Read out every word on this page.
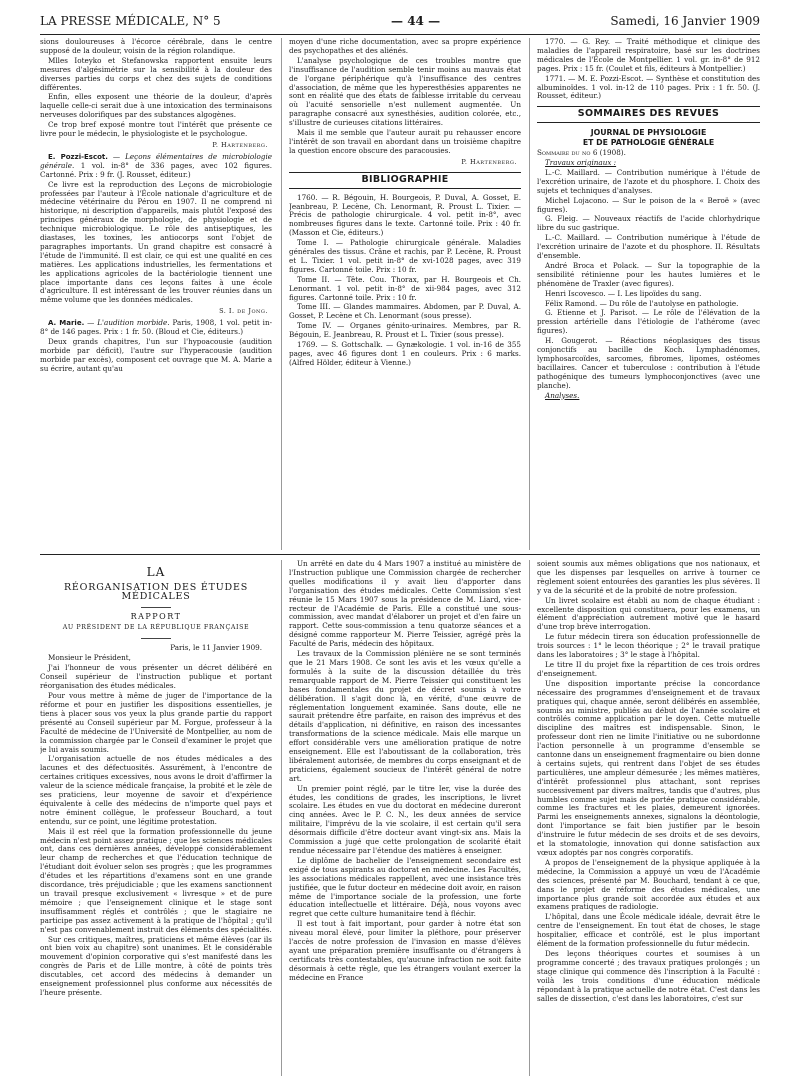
LA PRESSE MÉDICALE, N° 5	— 44 —	Samedi, 16 Janvier 1909

sions douloureuses à l'écorce cérébrale, dans le centre supposé de la douleur, voisin de la région rolandique.

Mlles Ioteyko et Stefanowska rapportent ensuite leurs mesures d'algésimétrie sur la sensibilité à la douleur des diverses parties du corps et chez des sujets de conditions différentes.

Enfin, elles exposent une théorie de la douleur, d'après laquelle celle-ci serait due à une intoxication des terminaisons nerveuses dolorifiques par des substances algogènes.

Ce trop bref exposé montre tout l'intérêt que présente ce livre pour le médecin, le physiologiste et le psychologue.

P. Hartenberg.

E. Pozzi-Escot. — Leçons élémentaires de microbiologie générale. 1 vol. in-8° de 336 pages, avec 102 figures. Cartonné. Prix : 9 fr. (J. Rousset, éditeur.)

Ce livre est la reproduction des Leçons de microbiologie professées par l'auteur à l'École nationale d'agriculture et de médecine vétérinaire du Pérou en 1907. Il ne comprend ni historique, ni description d'appareils, mais plutôt l'exposé des principes généraux de morphologie, de physiologie et de technique microbiologique. Le rôle des antiseptiques, les diastases, les toxines, les antiocorps sont l'objet de paragraphes importants. Un grand chapitre est consacré à l'étude de l'immunité. Il est clair, ce qui est une qualité en ces matières. Les applications industrielles, les fermentations et les applications agricoles de la bactériologie tiennent une place importante dans ces leçons faites à une école d'agriculture. Il est intéressant de les trouver réunies dans un même volume que les données médicales.

S. I. de Jong.

A. Marie. — L'audition morbide. Paris, 1908, 1 vol. petit in-8° de 146 pages. Prix : 1 fr. 50. (Bloud et Cie, éditeurs.)

Deux grands chapitres, l'un sur l'hypoacousie (audition morbide par déficit), l'autre sur l'hyperacousie (audition morbide par excès), composent cet ouvrage que M. A. Marie a su écrire, autant qu'au

moyen d'une riche documentation, avec sa propre expérience des psychopathes et des aliénés.

L'analyse psychologique de ces troubles montre que l'insuffisance de l'audition semble tenir moins au mauvais état de l'organe périphérique qu'à l'insuffisance des centres d'association, de même que les hyperesthésies apparentes ne sont en réalité que des états de faiblesse irritable du cerveau où l'acuité sensorielle n'est nullement augmentée. Un paragraphe consacré aux synesthésies, audition colorée, etc., s'illustre de curieuses citations littéraires.

Mais il me semble que l'auteur aurait pu rehausser encore l'intérêt de son travail en abordant dans un troisième chapitre la question encore obscure des paracousies.

P. Hartenberg.
BIBLIOGRAPHIE

1760. — R. Bégouin, H. Bourgeois, P. Duval, A. Gosset, E. Jeanbreau, P. Lecène, Ch. Lenormant, R. Proust L. Tixier. — Précis de pathologie chirurgicale. 4 vol. petit in-8°, avec nombreuses figures dans le texte. Cartonné toile. Prix : 40 fr. (Masson et Cie, éditeurs.)

Tome I. — Pathologie chirurgicale générale. Maladies générales des tissus. Crâne et rachis, par P. Lecène, R. Proust et L. Tixier. 1 vol. petit in-8° de xvi-1028 pages, avec 319 figures. Cartonné toile. Prix : 10 fr.

Tome II. — Tête. Cou. Thorax, par H. Bourgeois et Ch. Lenormant. 1 vol. petit in-8° de xii-984 pages, avec 312 figures. Cartonné toile. Prix : 10 fr.

Tome III. — Glandes mammaires. Abdomen, par P. Duval, A. Gosset, P. Lecène et Ch. Lenormant (sous presse).

Tome IV. — Organes génito-urinaires. Membres, par R. Bégouin, E. Jeanbreau, R. Proust et L. Tixier (sous presse).

1769. — S. Gottschalk. — Gynækologie. 1 vol. in-16 de 355 pages, avec 46 figures dont 1 en couleurs. Prix : 6 marks. (Alfred Hölder, éditeur à Vienne.)

1770. — G. Rey. — Traité méthodique et clinique des maladies de l'appareil respiratoire, basé sur les doctrines médicales de l'École de Montpellier. 1 vol. gr. in-8° de 912 pages. Prix : 15 fr. (Coulet et fils, éditeurs à Montpellier.)

1771. — M. E. Pozzi-Escot. — Synthèse et constitution des albuminoïdes. 1 vol. in-12 de 110 pages. Prix : 1 fr. 50. (J. Rousset, éditeur.)

SOMMAIRES DES REVUES
JOURNAL DE PHYSIOLOGIE
ET DE PATHOLOGIE GÉNÉRALE

Sommaire du no 6 (1908).

Travaux originaux :

L.-C. Maillard. — Contribution numérique à l'étude de l'excrétion urinaire, de l'azote et du phosphore. I. Choix des sujets et techniques d'analyses.

Michel Lojacono. — Sur le poison de la « Beroë » (avec figures).

G. Fleig. — Nouveaux réactifs de l'acide chlorhydrique libre du suc gastrique.

L.-C. Maillard. — Contribution numérique à l'étude de l'excrétion urinaire de l'azote et du phosphore. II. Résultats d'ensemble.

André Broca et Polack. — Sur la topographie de la sensibilité rétinienne pour les hautes lumières et le phénomène de Traxler (avec figures).

Henri Iscovesco. — I. Les lipoïdes du sang.

Félix Ramond. — Du rôle de l'autolyse en pathologie.

G. Etienne et J. Parisot. — Le rôle de l'élévation de la pression artérielle dans l'étiologie de l'athérome (avec figures).

H. Gougerot. — Réactions néoplasiques des tissus conjonctifs au bacille de Koch. Lymphadénomes, lymphosarcoïdes, sarcomes, fibromes, lipomes, ostéomes bacillaires. Cancer et tuberculose : contribution à l'étude pathogénique des tumeurs lymphoconjonctives (avec une planche).

Analyses.

LA
RÉORGANISATION DES ÉTUDES MÉDICALES
RAPPORT
AU PRÉSIDENT DE LA RÉPUBLIQUE FRANÇAISE
Paris, le 11 Janvier 1909.

Monsieur le Président,

J'ai l'honneur de vous présenter un décret délibéré en Conseil supérieur de l'instruction publique et portant réorganisation des études médicales.

Pour vous mettre à même de juger de l'importance de la réforme et pour en justifier les dispositions essentielles, je tiens à placer sous vos yeux la plus grande partie du rapport présenté au Conseil supérieur par M. Forgue, professeur à la Faculté de médecine de l'Université de Montpellier, au nom de la commission chargée par le Conseil d'examiner le projet que je lui avais soumis.

L'organisation actuelle de nos études médicales a des lacunes et des défectuosités. Assurément, à l'encontre de certaines critiques excessives, nous avons le droit d'affirmer la valeur de la science médicale française, la probité et le zèle de ses praticiens, leur moyenne de savoir et d'expérience équivalente à celle des médecins de n'importe quel pays et notre éminent collègue, le professeur Bouchard, a tout entendu, sur ce point, une légitime protestation.

Mais il est réel que la formation professionnelle du jeune médecin n'est point assez pratique ; que les sciences médicales ont, dans ces dernières années, développé considérablement leur champ de recherches et que l'éducation technique de l'étudiant doit évoluer selon ses progrès ; que les programmes d'études et les répartitions d'examens sont en une grande discordance, très préjudiciable ; que les examens sanctionnent un travail presque exclusivement « livresque » et de pure mémoire ; que l'enseignement clinique et le stage sont insuffisamment réglés et contrôlés ; que le stagiaire ne participe pas assez activement à la pratique de l'hôpital ; qu'il n'est pas convenablement instruit des éléments des spécialités.

Sur ces critiques, maîtres, praticiens et même élèves (car ils ont bien voix au chapitre) sont unanimes. Et le considérable mouvement d'opinion corporative qui s'est manifesté dans les congrès de Paris et de Lille montre, à côté de points très discutables, cet accord des médecins à demander un enseignement professionnel plus conforme aux nécessités de l'heure présente.

Un arrêté en date du 4 Mars 1907 a institué au ministère de l'Instruction publique une Commission chargée de rechercher quelles modifications il y avait lieu d'apporter dans l'organisation des études médicales. Cette Commission s'est réunie le 15 Mars 1907 sous la présidence de M. Liard, vice-recteur de l'Académie de Paris. Elle a constitué une sous-commission, avec mandat d'élaborer un projet et d'en faire un rapport. Cette sous-commission a tenu quatorze séances et a désigné comme rapporteur M. Pierre Teissier, agrégé près la Faculté de Paris, médecin des hôpitaux.

Les travaux de la Commission plénière ne se sont terminés que le 21 Mars 1908. Ce sont les avis et les vœux qu'elle a formulés à la suite de la discussion détaillée du très remarquable rapport de M. Pierre Teissier qui constituent les bases fondamentales du projet de décret soumis à votre délibération. Il s'agit donc là, en vérité, d'une œuvre de réglementation longuement examinée. Sans doute, elle ne saurait prétendre être parfaite, en raison des imprévus et des détails d'application, ni définitive, en raison des incessantes transformations de la science médicale. Mais elle marque un effort considérable vers une amélioration pratique de notre enseignement. Elle est l'aboutissant de la collaboration, très libéralement autorisée, de membres du corps enseignant et de praticiens, également soucieux de l'intérêt général de notre art.

Un premier point réglé, par le titre Ier, vise la durée des études, les conditions de grades, les inscriptions, le livret scolaire. Les études en vue du doctorat en médecine dureront cinq années. Avec le P. C. N., les deux années de service militaire, l'imprévu de la vie scolaire, il est certain qu'il sera désormais difficile d'être docteur avant vingt-six ans. Mais la Commission a jugé que cette prolongation de scolarité était rendue nécessaire par l'étendue des matières à enseigner.

Le diplôme de bachelier de l'enseignement secondaire est exigé de tous aspirants au doctorat en médecine. Les Facultés, les associations médicales rappellent, avec une insistance très justifiée, que le futur docteur en médecine doit avoir, en raison même de l'importance sociale de la profession, une forte éducation intellectuelle et littéraire. Déjà, nous voyons avec regret que cette culture humanitaire tend à fléchir.

Il est tout à fait important, pour garder à notre état son niveau moral élevé, pour limiter la pléthore, pour préserver l'accès de notre profession de l'invasion en masse d'élèves ayant une préparation première insuffisante ou d'étrangers à certificats très contestables, qu'aucune infraction ne soit faite désormais à cette règle, que les étrangers voulant exercer la médecine en France

soient soumis aux mêmes obligations que nos nationaux, et que les dispenses par lesquelles on arrive à tourner ce règlement soient entourées des garanties les plus sévères. Il y va de la sécurité et de la probité de notre profession.

Un livret scolaire est établi au nom de chaque étudiant : excellente disposition qui constituera, pour les examens, un élément d'appréciation autrement motivé que le hasard d'une trop brève interrogation.

Le futur médecin tirera son éducation professionnelle de trois sources : 1° le lecon théorique ; 2° le travail pratique dans les laboratoires ; 3° le stage à l'hôpital.

Le titre II du projet fixe la répartition de ces trois ordres d'enseignement.

Une disposition importante précise la concordance nécessaire des programmes d'enseignement et de travaux pratiques qui, chaque année, seront délibérés en assemblée, soumis au ministre, publiés au début de l'année scolaire et contrôlés comme application par le doyen. Cette mutuelle discipline des maîtres est indispensable. Sinon, le professeur dont rien ne limite l'initiative ou ne subordonne l'action personnelle à un programme d'ensemble se cantonne dans un enseignement fragmentaire ou bien donne à certains sujets, qui rentrent dans l'objet de ses études particulières, une ampleur démesurée ; les mêmes matières, d'intérêt professionnel plus attachant, sont reprises successivement par divers maîtres, tandis que d'autres, plus humbles comme sujet mais de portée pratique considérable, comme les fractures et les plaies, demeurent ignorées. Parmi les enseignements annexes, signalons la déontologie, dont l'importance se fait bien justifier par le besoin d'instruire le futur médecin de ses droits et de ses devoirs, et la stomatologie, innovation qui donne satisfaction aux vœux adoptés par nos congrès corporatifs.

A propos de l'enseignement de la physique appliquée à la médecine, la Commission a appuyé un vœu de l'Académie des sciences, présenté par M. Bouchard, tendant à ce que, dans le projet de réforme des études médicales, une importance plus grande soit accordée aux études et aux examens pratiques de radiologie.

L'hôpital, dans une École médicale idéale, devrait être le centre de l'enseignement. En tout état de choses, le stage hospitalier, efficace et contrôlé, est le plus important élément de la formation professionnelle du futur médecin.

Des leçons théoriques courtes et soumises à un programme concerté ; des travaux pratiques prolongés ; un stage clinique qui commence dès l'inscription à la Faculté : voilà les trois conditions d'une éducation médicale répondant à la pratique actuelle de notre état. C'est dans les salles de dissection, c'est dans les laboratoires, c'est sur
